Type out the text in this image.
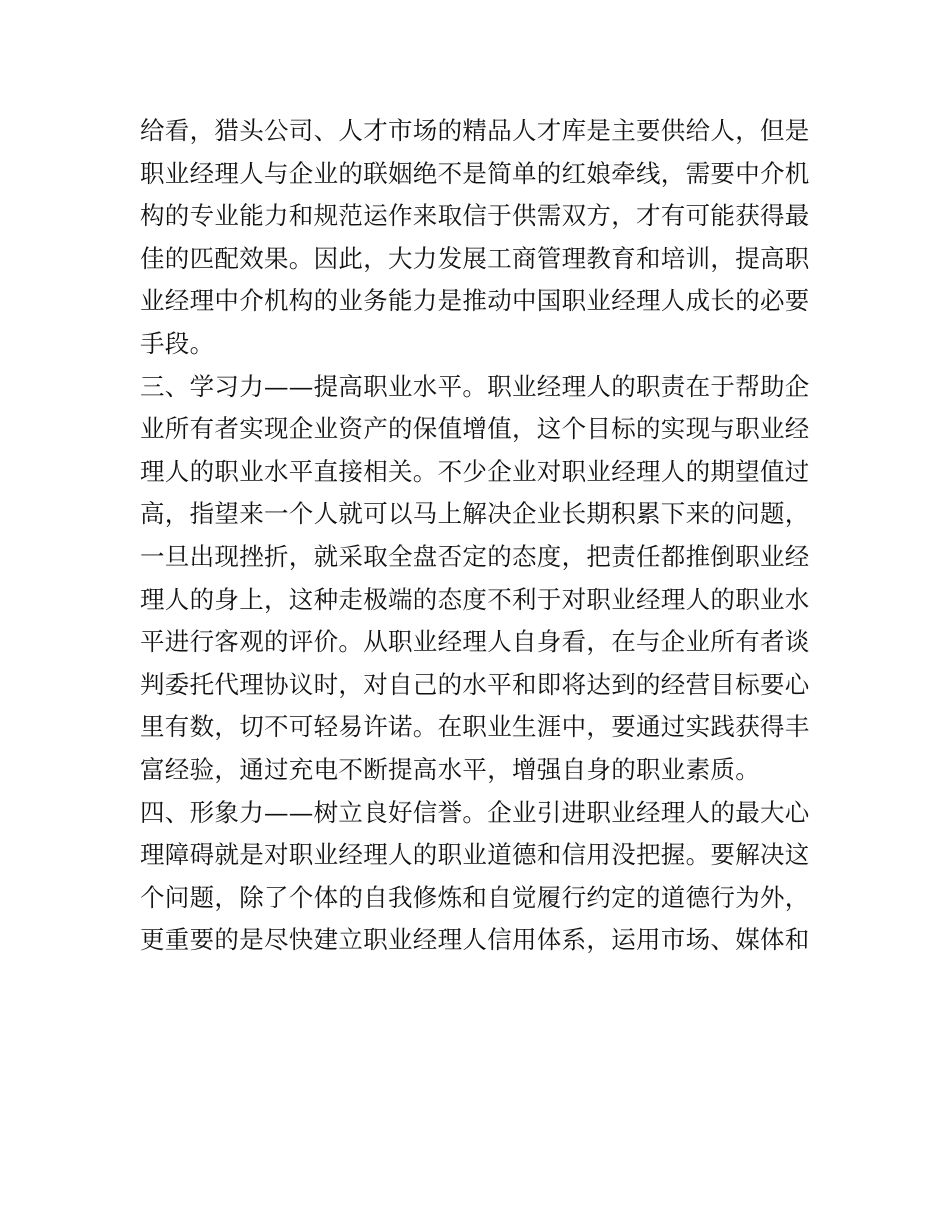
给看，猎头公司、人才市场的精品人才库是主要供给人，但是
职业经理人与企业的联姻绝不是简单的红娘牵线，需要中介机
构的专业能力和规范运作来取信于供需双方，才有可能获得最
佳的匹配效果。因此，大力发展工商管理教育和培训，提高职
业经理中介机构的业务能力是推动中国职业经理人成长的必要
手段。
三、学习力——提高职业水平。职业经理人的职责在于帮助企
业所有者实现企业资产的保值增值，这个目标的实现与职业经
理人的职业水平直接相关。不少企业对职业经理人的期望值过
高，指望来一个人就可以马上解决企业长期积累下来的问题，
一旦出现挫折，就采取全盘否定的态度，把责任都推倒职业经
理人的身上，这种走极端的态度不利于对职业经理人的职业水
平进行客观的评价。从职业经理人自身看，在与企业所有者谈
判委托代理协议时，对自己的水平和即将达到的经营目标要心
里有数，切不可轻易许诺。在职业生涯中，要通过实践获得丰
富经验，通过充电不断提高水平，增强自身的职业素质。
四、形象力——树立良好信誉。企业引进职业经理人的最大心
理障碍就是对职业经理人的职业道德和信用没把握。要解决这
个问题，除了个体的自我修炼和自觉履行约定的道德行为外，
更重要的是尽快建立职业经理人信用体系，运用市场、媒体和
